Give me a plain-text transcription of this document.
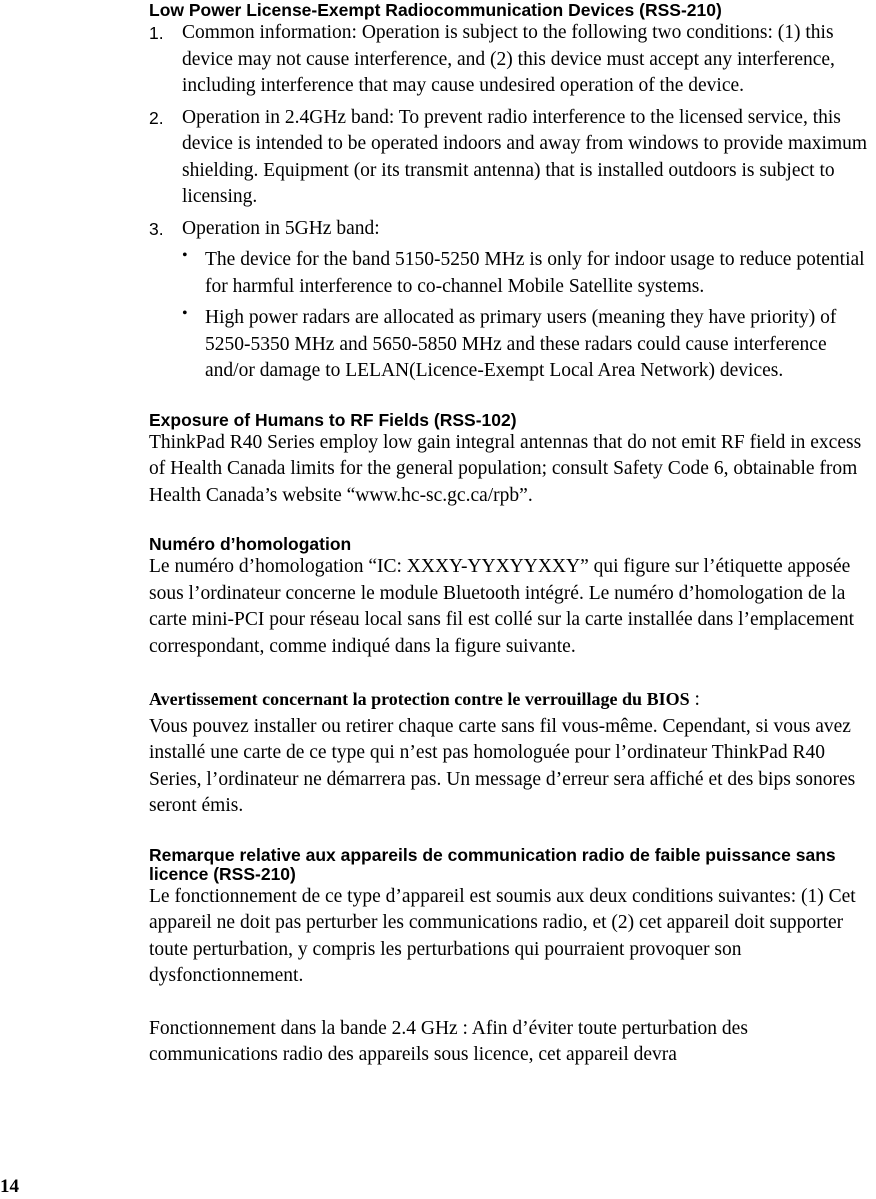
Low Power License-Exempt Radiocommunication Devices (RSS-210)
1. Common information: Operation is subject to the following two conditions: (1) this device may not cause interference, and (2) this device must accept any interference, including interference that may cause undesired operation of the device.

2. Operation in 2.4GHz band: To prevent radio interference to the licensed service, this device is intended to be operated indoors and away from windows to provide maximum shielding. Equipment (or its transmit antenna) that is installed outdoors is subject to licensing.

3. Operation in 5GHz band:

• The device for the band 5150-5250 MHz is only for indoor usage to reduce potential for harmful interference to co-channel Mobile Satellite systems.

• High power radars are allocated as primary users (meaning they have priority) of 5250-5350 MHz and 5650-5850 MHz and these radars could cause interference and/or damage to LELAN(Licence-Exempt Local Area Network) devices.

Exposure of Humans to RF Fields (RSS-102)

ThinkPad R40 Series employ low gain integral antennas that do not emit RF field in excess of Health Canada limits for the general population; consult Safety Code 6, obtainable from Health Canada’s website “www.hc-sc.gc.ca/rpb”.

Numéro d’homologation

Le numéro d’homologation “IC: XXXY-YYXYYXXY” qui figure sur l’étiquette apposée sous l’ordinateur concerne le module Bluetooth intégré. Le numéro d’homologation de la carte mini-PCI pour réseau local sans fil est collé sur la carte installée dans l’emplacement correspondant, comme indiqué dans la figure suivante.

Avertissement concernant la protection contre le verrouillage du BIOS :

Vous pouvez installer ou retirer chaque carte sans fil vous-même. Cependant, si vous avez installé une carte de ce type qui n’est pas homologuée pour l’ordinateur ThinkPad R40 Series, l’ordinateur ne démarrera pas. Un message d’erreur sera affiché et des bips sonores seront émis.

Remarque relative aux appareils de communication radio de faible puissance sans licence (RSS-210)

Le fonctionnement de ce type d’appareil est soumis aux deux conditions suivantes: (1) Cet appareil ne doit pas perturber les communications radio, et (2) cet appareil doit supporter toute perturbation, y compris les perturbations qui pourraient provoquer son dysfonctionnement.

Fonctionnement dans la bande 2.4 GHz : Afin d’éviter toute perturbation des communications radio des appareils sous licence, cet appareil devra

14
